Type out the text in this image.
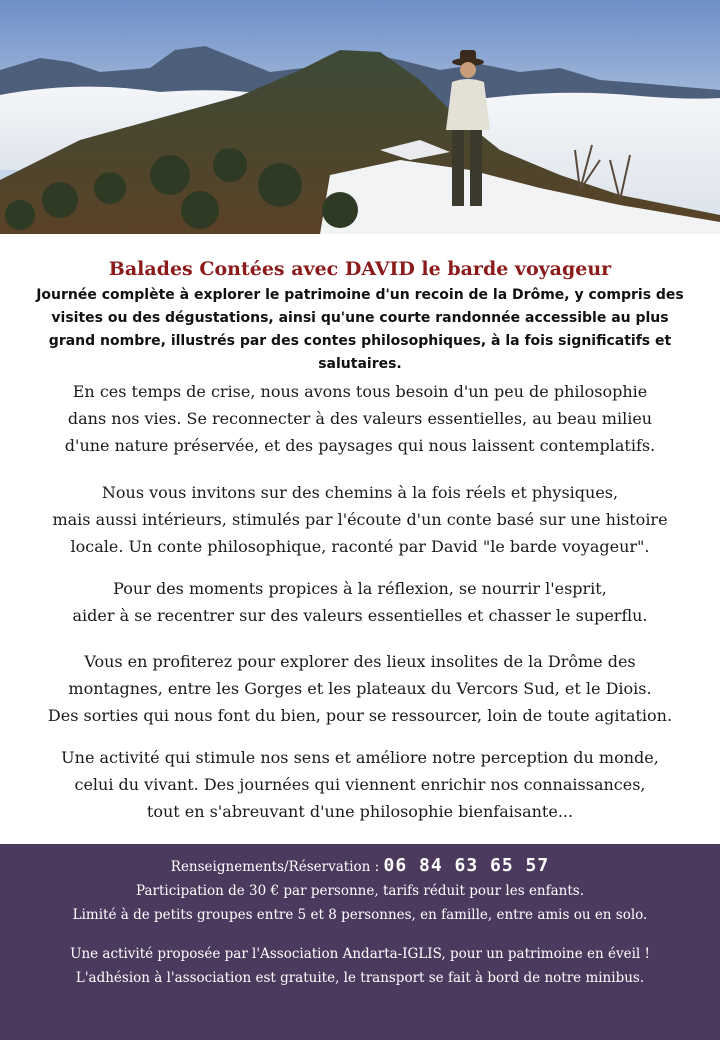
Balades Contées avec DAVID le barde voyageur

Journée complète à explorer le patrimoine d'un recoin de la Drôme, y compris des visites ou des dégustations, ainsi qu'une courte randonnée accessible au plus grand nombre, illustrés par des contes philosophiques, à la fois significatifs et salutaires.

En ces temps de crise, nous avons tous besoin d'un peu de philosophie
dans nos vies. Se reconnecter à des valeurs essentielles, au beau milieu
d'une nature préservée, et des paysages qui nous laissent contemplatifs.

Nous vous invitons sur des chemins à la fois réels et physiques,
mais aussi intérieurs, stimulés par l'écoute d'un conte basé sur une histoire
locale. Un conte philosophique, raconté par David "le barde voyageur".

Pour des moments propices à la réflexion, se nourrir l'esprit,
aider à se recentrer sur des valeurs essentielles et chasser le superflu.

Vous en profiterez pour explorer des lieux insolites de la Drôme des
montagnes, entre les Gorges et les plateaux du Vercors Sud, et le Diois.
Des sorties qui nous font du bien, pour se ressourcer, loin de toute agitation.

Une activité qui stimule nos sens et améliore notre perception du monde,
celui du vivant. Des journées qui viennent enrichir nos connaissances,
tout en s'abreuvant d'une philosophie bienfaisante...

Renseignements/Réservation : 06 84 63 65 57
Participation de 30 € par personne, tarifs réduit pour les enfants.
Limité à de petits groupes entre 5 et 8 personnes, en famille, entre amis ou en solo.
Une activité proposée par l'Association Andarta-IGLIS, pour un patrimoine en éveil !
L'adhésion à l'association est gratuite, le transport se fait à bord de notre minibus.
